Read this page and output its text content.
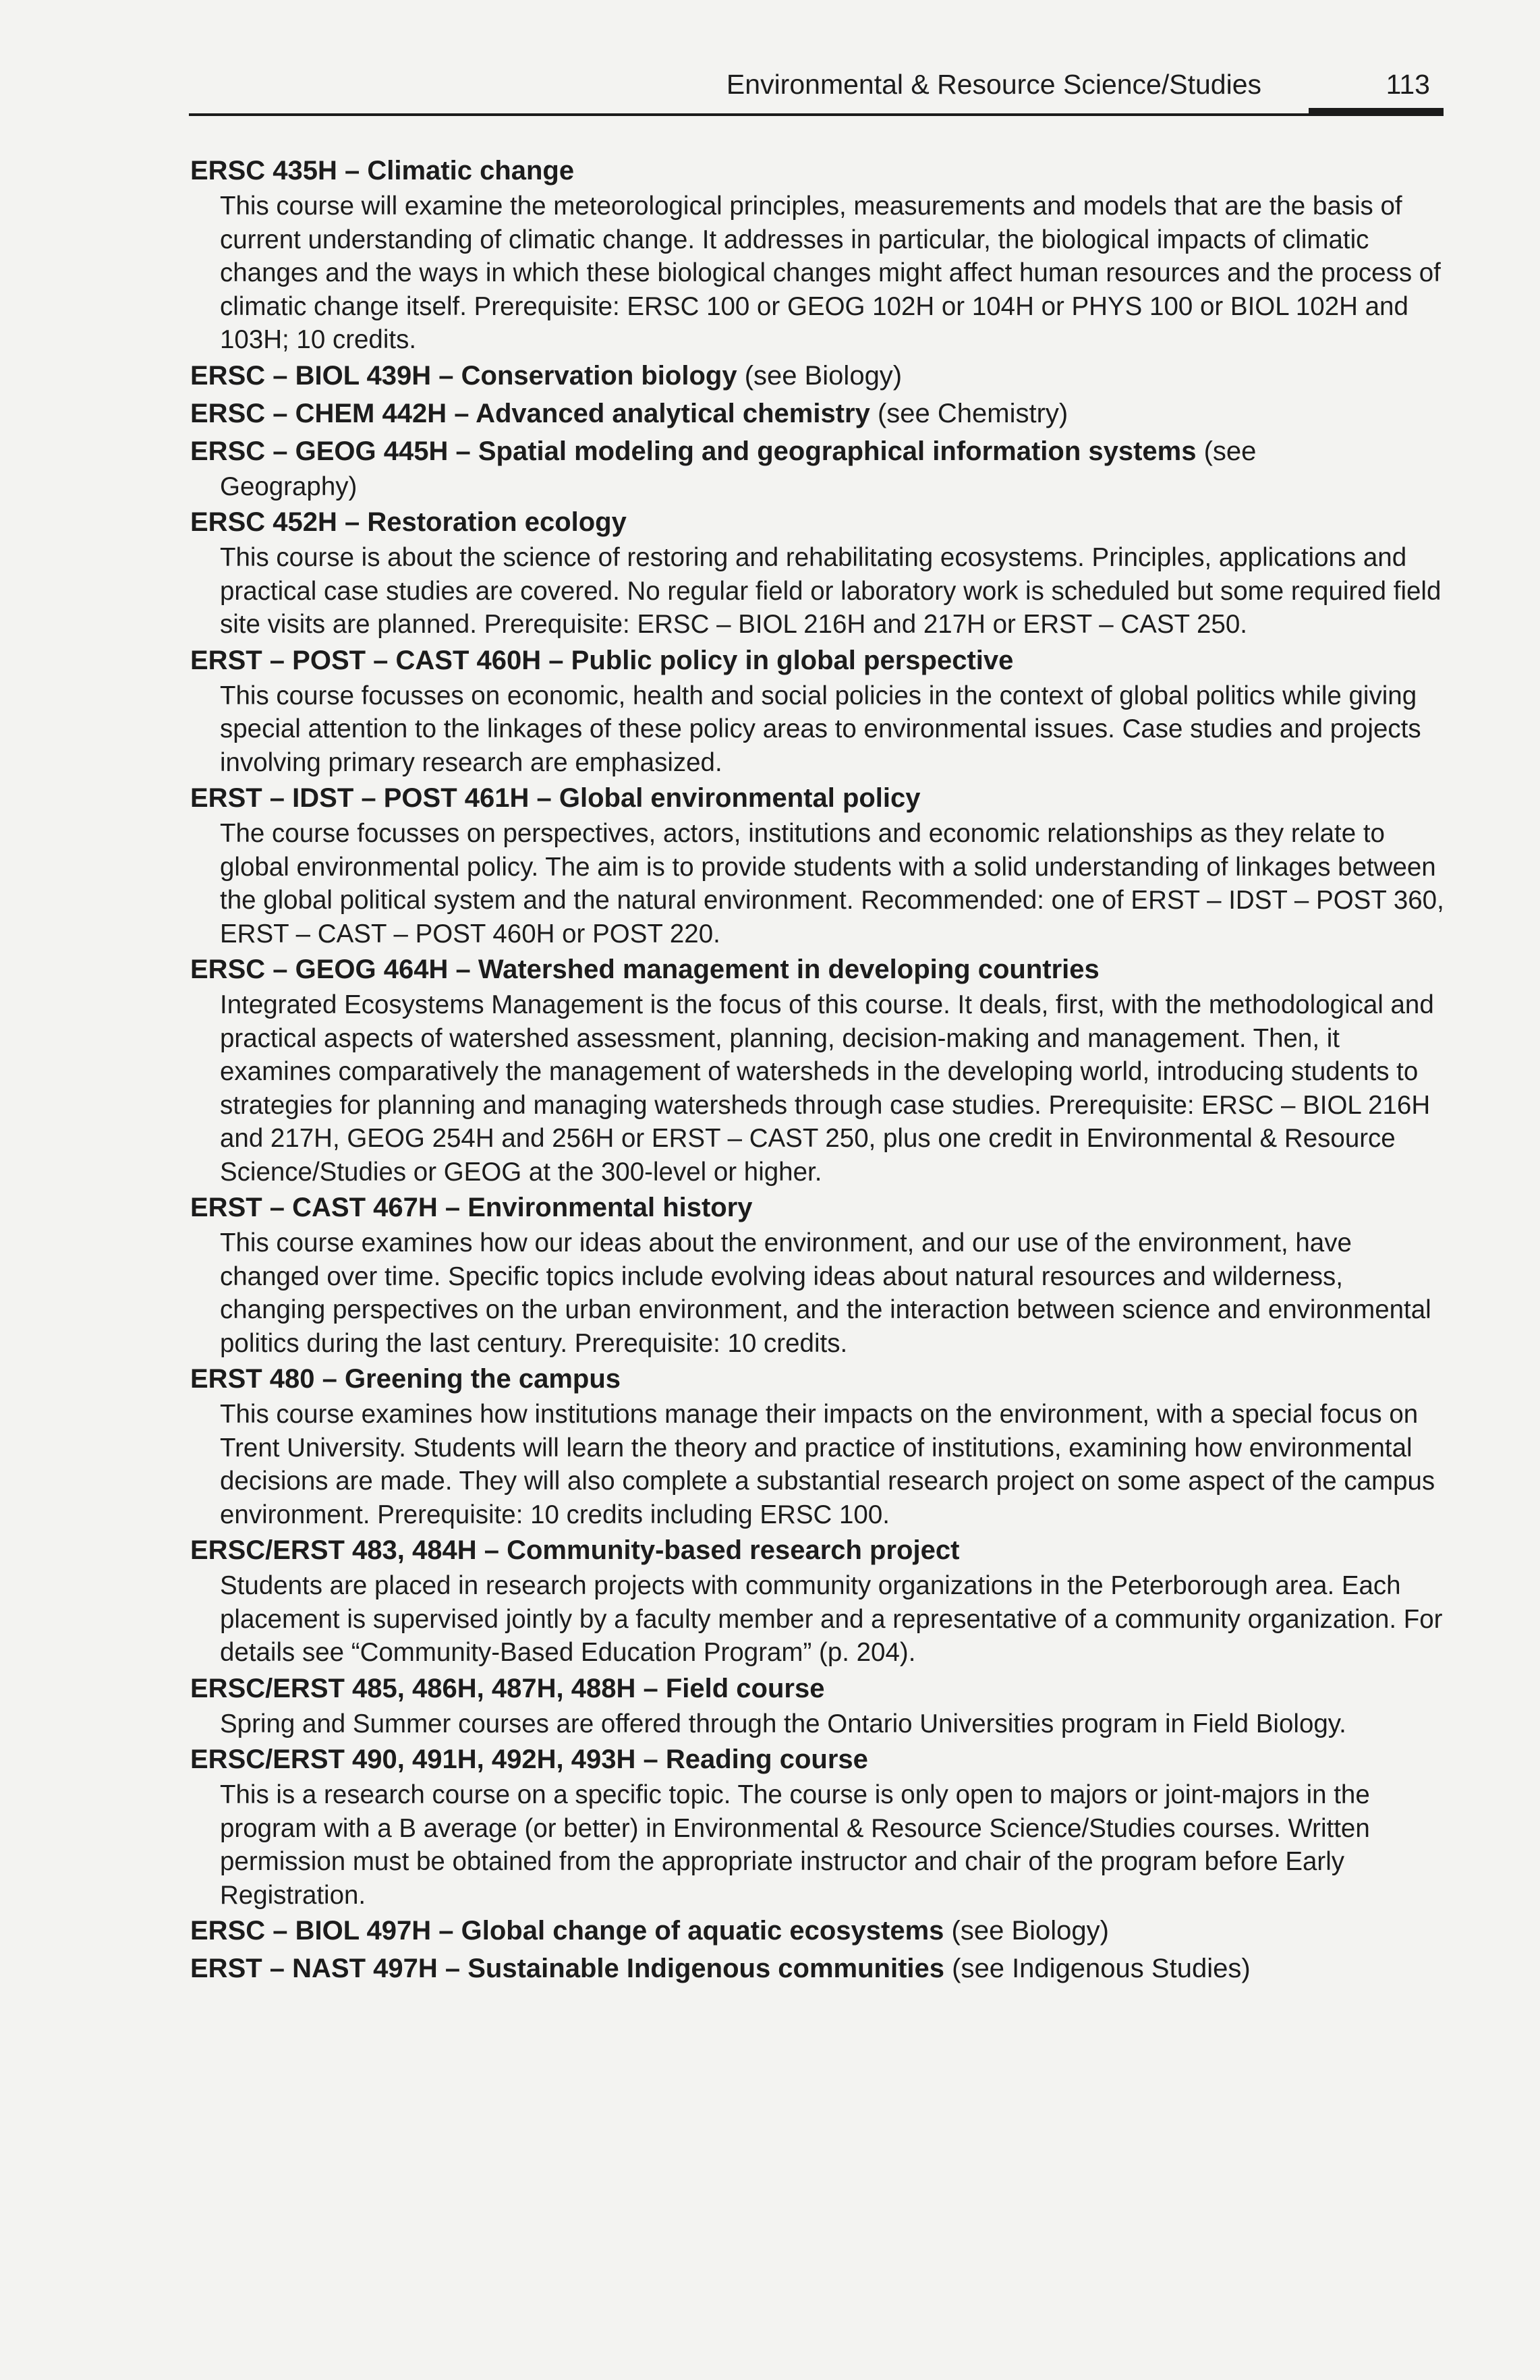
Environmental & Resource Science/Studies	113
ERSC 435H – Climatic change

This course will examine the meteorological principles, measurements and models that are the basis of current understanding of climatic change. It addresses in particular, the biological impacts of climatic changes and the ways in which these biological changes might affect human resources and the process of climatic change itself. Prerequisite: ERSC 100 or GEOG 102H or 104H or PHYS 100 or BIOL 102H and 103H; 10 credits.

ERSC – BIOL 439H – Conservation biology (see Biology)
ERSC – CHEM 442H – Advanced analytical chemistry (see Chemistry)
ERSC – GEOG 445H – Spatial modeling and geographical information systems (see

Geography)

ERSC 452H – Restoration ecology

This course is about the science of restoring and rehabilitating ecosystems. Principles, applications and practical case studies are covered. No regular field or laboratory work is scheduled but some required field site visits are planned. Prerequisite: ERSC – BIOL 216H and 217H or ERST – CAST 250.

ERST – POST – CAST 460H – Public policy in global perspective

This course focusses on economic, health and social policies in the context of global politics while giving special attention to the linkages of these policy areas to environmental issues. Case studies and projects involving primary research are emphasized.

ERST – IDST – POST 461H – Global environmental policy

The course focusses on perspectives, actors, institutions and economic relationships as they relate to global environmental policy. The aim is to provide students with a solid understanding of linkages between the global political system and the natural environment. Recommended: one of ERST – IDST – POST 360, ERST – CAST – POST 460H or POST 220.

ERSC – GEOG 464H – Watershed management in developing countries

Integrated Ecosystems Management is the focus of this course. It deals, first, with the methodological and practical aspects of watershed assessment, planning, decision-making and management. Then, it examines comparatively the management of watersheds in the developing world, introducing students to strategies for planning and managing watersheds through case studies. Prerequisite: ERSC – BIOL 216H and 217H, GEOG 254H and 256H or ERST – CAST 250, plus one credit in Environmental & Resource Science/Studies or GEOG at the 300-level or higher.

ERST – CAST 467H – Environmental history

This course examines how our ideas about the environment, and our use of the environment, have changed over time. Specific topics include evolving ideas about natural resources and wilderness, changing perspectives on the urban environment, and the interaction between science and environmental politics during the last century. Prerequisite: 10 credits.

ERST 480 – Greening the campus

This course examines how institutions manage their impacts on the environment, with a special focus on Trent University. Students will learn the theory and practice of institutions, examining how environmental decisions are made. They will also complete a substantial research project on some aspect of the campus environment. Prerequisite: 10 credits including ERSC 100.

ERSC/ERST 483, 484H – Community-based research project

Students are placed in research projects with community organizations in the Peterborough area. Each placement is supervised jointly by a faculty member and a representative of a community organization. For details see “Community-Based Education Program” (p. 204).

ERSC/ERST 485, 486H, 487H, 488H – Field course

Spring and Summer courses are offered through the Ontario Universities program in Field Biology.

ERSC/ERST 490, 491H, 492H, 493H – Reading course

This is a research course on a specific topic. The course is only open to majors or joint-majors in the program with a B average (or better) in Environmental & Resource Science/Studies courses. Written permission must be obtained from the appropriate instructor and chair of the program before Early Registration.

ERSC – BIOL 497H – Global change of aquatic ecosystems (see Biology)
ERST – NAST 497H – Sustainable Indigenous communities (see Indigenous Studies)
